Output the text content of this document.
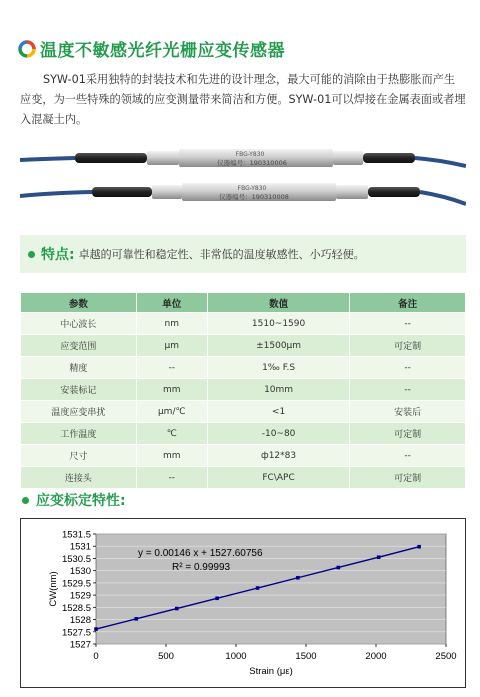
温度不敏感光纤光栅应变传感器
SYW-01采用独特的封装技术和先进的设计理念，最大可能的消除由于热膨胀而产生应变，为一些特殊的领域的应变测量带来简洁和方便。SYW-01可以焊接在金属表面或者埋入混凝土内。
FBG-Y830
仪器编号：190310006
FBG-Y830
仪器编号：190310008
特点: 卓越的可靠性和稳定性、非常低的温度敏感性、小巧轻便。
参数	单位	数值	备注
中心波长	nm	1510~1590	--
应变范围	μm	±1500μm	可定制
精度	--	1‰ F.S	--
安装标记	mm	10mm	--
温度应变串扰	μm/℃	<1	安装后
工作温度	℃	-10~80	可定制
尺寸	mm	ф12*83	--
连接头	--	FC\APC	可定制
应变标定特性:
1527
1527.5
1528
1528.5
1529
1529.5
1530
1530.5
1531
1531.5
0	500	1000	1500	2000	2500
CW(nm)
Strain (με)
y = 0.00146 x + 1527.60756
R² = 0.99993
